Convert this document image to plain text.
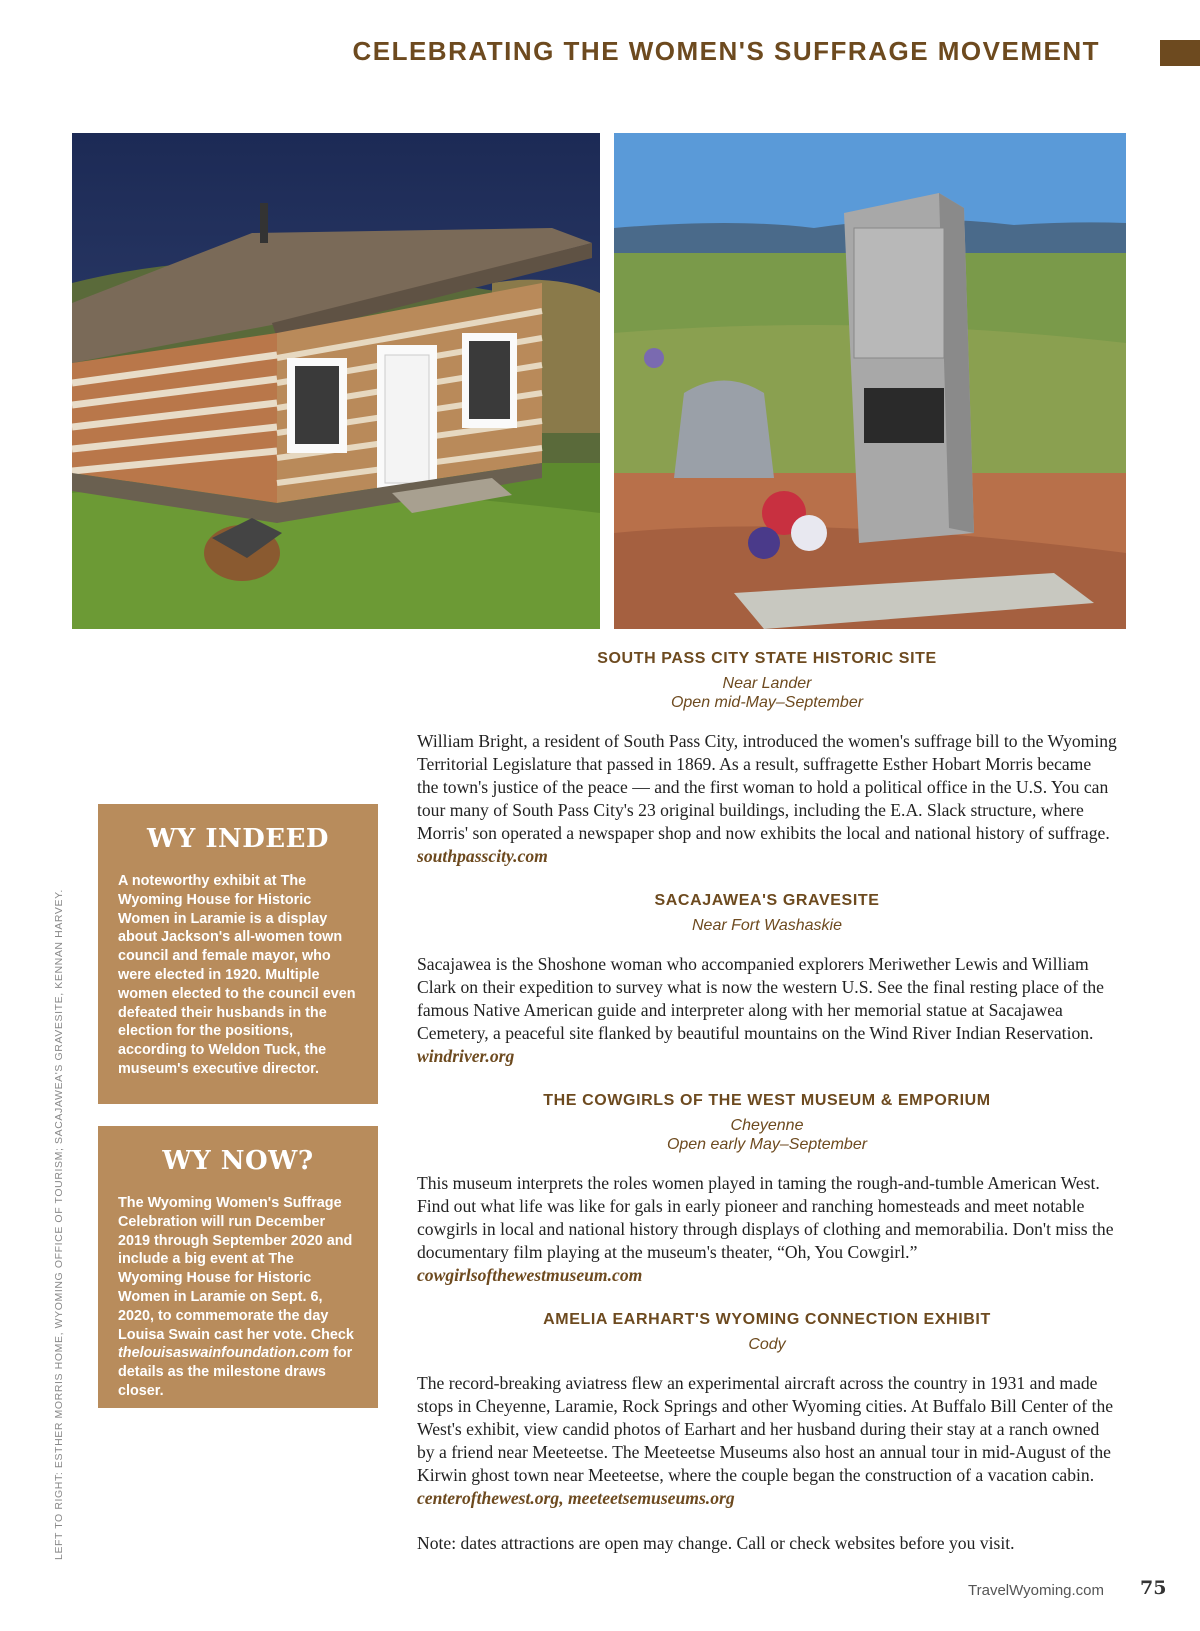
CELEBRATING THE WOMEN'S SUFFRAGE MOVEMENT
LEFT TO RIGHT: ESTHER MORRIS HOME, WYOMING OFFICE OF TOURISM; SACAJAWEA'S GRAVESITE, KENNAN HARVEY.
WY INDEED
A noteworthy exhibit at The Wyoming House for Historic Women in Laramie is a display about Jackson's all-women town council and female mayor, who were elected in 1920. Multiple women elected to the council even defeated their husbands in the election for the positions, according to Weldon Tuck, the museum's executive director.
WY NOW?
The Wyoming Women's Suffrage Celebration will run December 2019 through September 2020 and include a big event at The Wyoming House for Historic Women in Laramie on Sept. 6, 2020, to commemorate the day Louisa Swain cast her vote. Check thelouisaswainfoundation.com for details as the milestone draws closer.
SOUTH PASS CITY STATE HISTORIC SITE
Near Lander
Open mid-May–September
William Bright, a resident of South Pass City, introduced the women's suffrage bill to the Wyoming Territorial Legislature that passed in 1869. As a result, suffragette Esther Hobart Morris became the town's justice of the peace — and the first woman to hold a political office in the U.S. You can tour many of South Pass City's 23 original buildings, including the E.A. Slack structure, where Morris' son operated a newspaper shop and now exhibits the local and national history of suffrage. southpasscity.com
SACAJAWEA'S GRAVESITE
Near Fort Washaskie
Sacajawea is the Shoshone woman who accompanied explorers Meriwether Lewis and William Clark on their expedition to survey what is now the western U.S. See the final resting place of the famous Native American guide and interpreter along with her memorial statue at Sacajawea Cemetery, a peaceful site flanked by beautiful mountains on the Wind River Indian Reservation. windriver.org
THE COWGIRLS OF THE WEST MUSEUM & EMPORIUM
Cheyenne
Open early May–September
This museum interprets the roles women played in taming the rough-and-tumble American West. Find out what life was like for gals in early pioneer and ranching homesteads and meet notable cowgirls in local and national history through displays of clothing and memorabilia. Don't miss the documentary film playing at the museum's theater, “Oh, You Cowgirl.” cowgirlsofthewestmuseum.com
AMELIA EARHART'S WYOMING CONNECTION EXHIBIT
Cody
The record-breaking aviatress flew an experimental aircraft across the country in 1931 and made stops in Cheyenne, Laramie, Rock Springs and other Wyoming cities. At Buffalo Bill Center of the West's exhibit, view candid photos of Earhart and her husband during their stay at a ranch owned by a friend near Meeteetse. The Meeteetse Museums also host an annual tour in mid-August of the Kirwin ghost town near Meeteetse, where the couple began the construction of a vacation cabin. centerofthewest.org, meeteetsemuseums.org
Note: dates attractions are open may change. Call or check websites before you visit.
TravelWyoming.com 75
